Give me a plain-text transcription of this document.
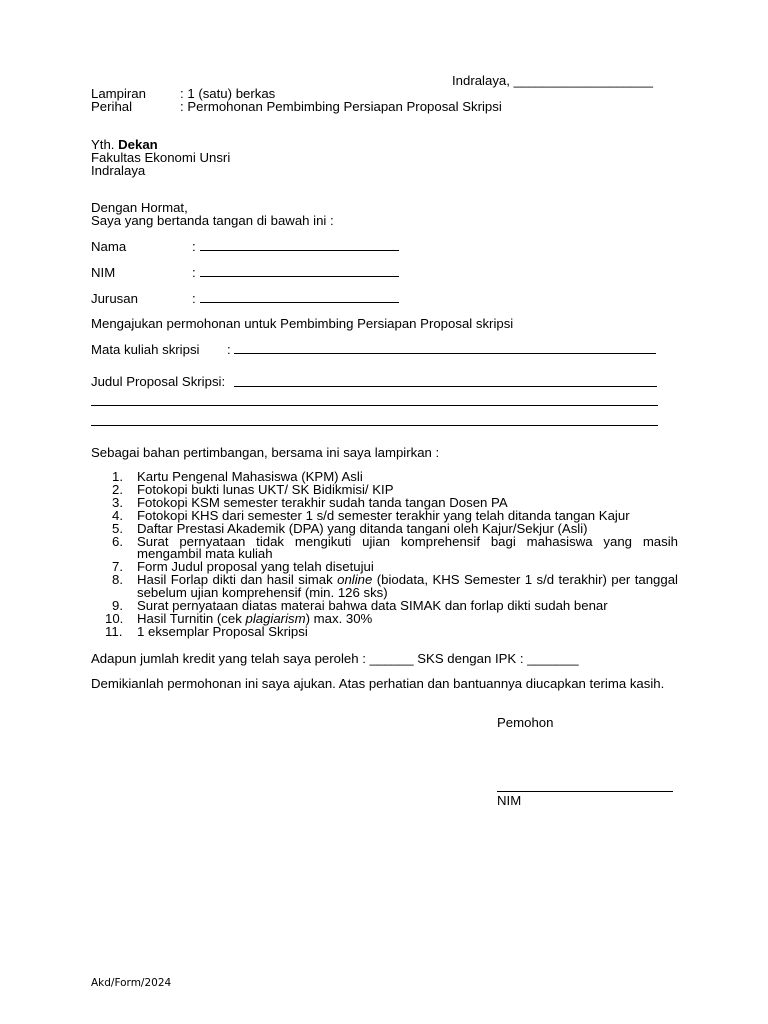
Indralaya, ___________________
Lampiran	: 1 (satu) berkas
Perihal	: Permohonan Pembimbing Persiapan Proposal Skripsi
Yth. Dekan
Fakultas Ekonomi Unsri
Indralaya
Dengan Hormat,
Saya yang bertanda tangan di bawah ini :
Nama	:
NIM	:
Jurusan	:
Mengajukan permohonan untuk Pembimbing Persiapan Proposal skripsi
Mata kuliah skripsi :
Judul Proposal Skripsi:
Sebagai bahan pertimbangan, bersama ini saya lampirkan :
1.	Kartu Pengenal Mahasiswa (KPM) Asli
2.	Fotokopi bukti lunas UKT/ SK Bidikmisi/ KIP
3.	Fotokopi KSM semester terakhir sudah tanda tangan Dosen PA
4.	Fotokopi KHS dari semester 1 s/d semester terakhir yang telah ditanda tangan Kajur
5.	Daftar Prestasi Akademik (DPA) yang ditanda tangani oleh Kajur/Sekjur (Asli)
6.	Surat pernyataan tidak mengikuti ujian komprehensif bagi mahasiswa yang masih mengambil mata kuliah
7.	Form Judul proposal yang telah disetujui
8.	Hasil Forlap dikti dan hasil simak online (biodata, KHS Semester 1 s/d terakhir) per tanggal sebelum ujian komprehensif (min. 126 sks)
9.	Surat pernyataan diatas materai bahwa data SIMAK dan forlap dikti sudah benar
10. Hasil Turnitin (cek plagiarism) max. 30%
11. 1 eksemplar Proposal Skripsi
Adapun jumlah kredit yang telah saya peroleh : ______ SKS dengan IPK : _______
Demikianlah permohonan ini saya ajukan. Atas perhatian dan bantuannya diucapkan terima kasih.
Pemohon
NIM
Akd/Form/2024
